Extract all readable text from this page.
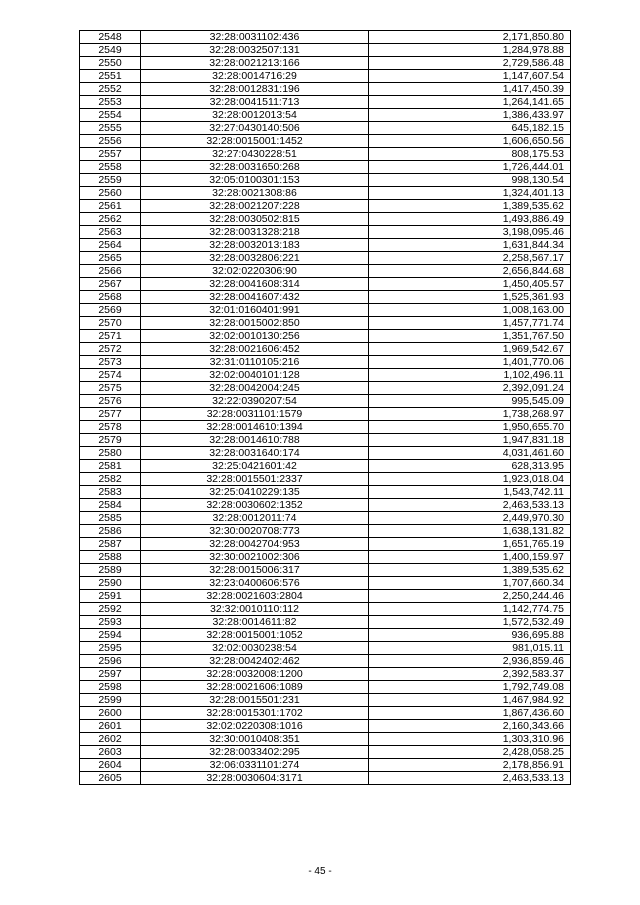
2548	32:28:0031102:436	2,171,850.80
2549	32:28:0032507:131	1,284,978.88
2550	32:28:0021213:166	2,729,586.48
2551	32:28:0014716:29	1,147,607.54
2552	32:28:0012831:196	1,417,450.39
2553	32:28:0041511:713	1,264,141.65
2554	32:28:0012013:54	1,386,433.97
2555	32:27:0430140:506	645,182.15
2556	32:28:0015001:1452	1,606,650.56
2557	32:27:0430228:51	808,175.53
2558	32:28:0031650:268	1,726,444.01
2559	32:05:0100301:153	998,130.54
2560	32:28:0021308:86	1,324,401.13
2561	32:28:0021207:228	1,389,535.62
2562	32:28:0030502:815	1,493,886.49
2563	32:28:0031328:218	3,198,095.46
2564	32:28:0032013:183	1,631,844.34
2565	32:28:0032806:221	2,258,567.17
2566	32:02:0220306:90	2,656,844.68
2567	32:28:0041608:314	1,450,405.57
2568	32:28:0041607:432	1,525,361.93
2569	32:01:0160401:991	1,008,163.00
2570	32:28:0015002:850	1,457,771.74
2571	32:02:0010130:256	1,351,767.50
2572	32:28:0021606:452	1,969,542.67
2573	32:31:0110105:216	1,401,770.06
2574	32:02:0040101:128	1,102,496.11
2575	32:28:0042004:245	2,392,091.24
2576	32:22:0390207:54	995,545.09
2577	32:28:0031101:1579	1,738,268.97
2578	32:28:0014610:1394	1,950,655.70
2579	32:28:0014610:788	1,947,831.18
2580	32:28:0031640:174	4,031,461.60
2581	32:25:0421601:42	628,313.95
2582	32:28:0015501:2337	1,923,018.04
2583	32:25:0410229:135	1,543,742.11
2584	32:28:0030602:1352	2,463,533.13
2585	32:28:0012011:74	2,449,970.30
2586	32:30:0020708:773	1,638,131.82
2587	32:28:0042704:953	1,651,765.19
2588	32:30:0021002:306	1,400,159.97
2589	32:28:0015006:317	1,389,535.62
2590	32:23:0400606:576	1,707,660.34
2591	32:28:0021603:2804	2,250,244.46
2592	32:32:0010110:112	1,142,774.75
2593	32:28:0014611:82	1,572,532.49
2594	32:28:0015001:1052	936,695.88
2595	32:02:0030238:54	981,015.11
2596	32:28:0042402:462	2,936,859.46
2597	32:28:0032008:1200	2,392,583.37
2598	32:28:0021606:1089	1,792,749.08
2599	32:28:0015501:231	1,467,984.92
2600	32:28:0015301:1702	1,867,436.60
2601	32:02:0220308:1016	2,160,343.66
2602	32:30:0010408:351	1,303,310.96
2603	32:28:0033402:295	2,428,058.25
2604	32:06:0331101:274	2,178,856.91
2605	32:28:0030604:3171	2,463,533.13
- 45 -
